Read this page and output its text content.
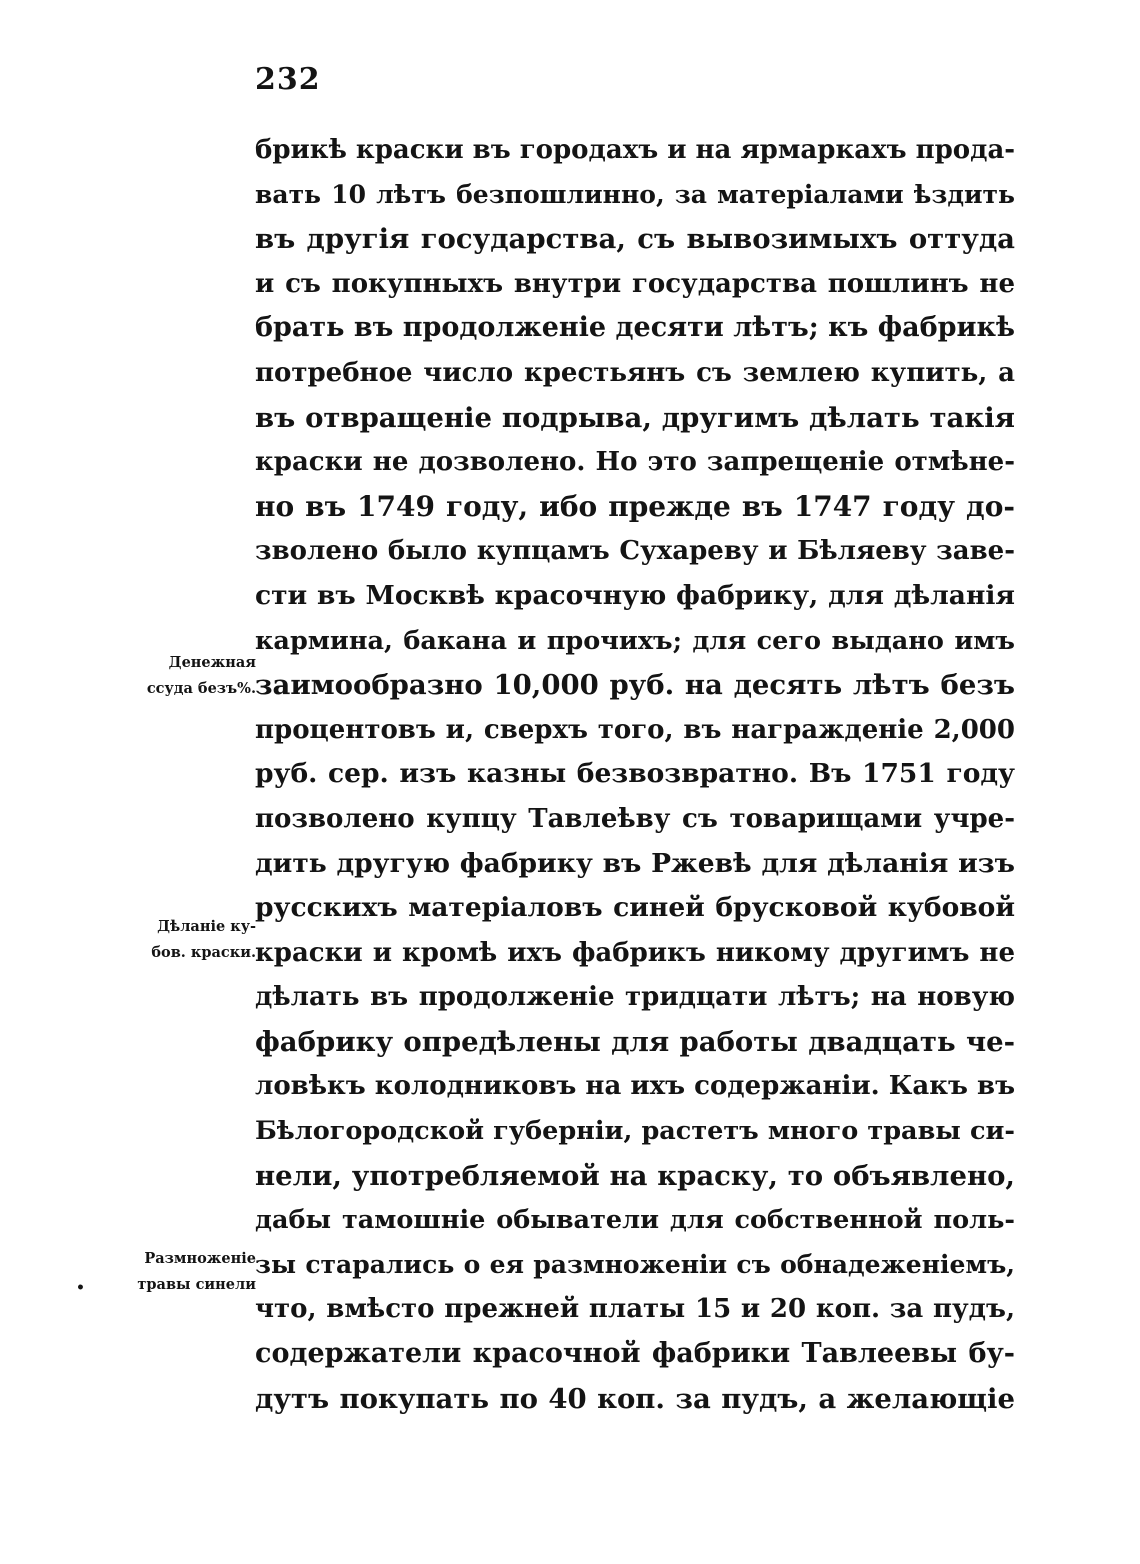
232
брикѣ краски въ городахъ и на ярмаркахъ прода-
вать 10 лѣтъ безпошлинно, за матеріалами ѣздить
въ другія государства, съ вывозимыхъ оттуда
и съ покупныхъ внутри государства пошлинъ не
брать въ продолженіе десяти лѣтъ; къ фабрикѣ
потребное число крестьянъ съ землею купить, а
въ отвращеніе подрыва, другимъ дѣлать такія
краски не дозволено. Но это запрещеніе отмѣне-
но въ 1749 году, ибо прежде въ 1747 году до-
зволено было купцамъ Сухареву и Бѣляеву заве-
сти въ Москвѣ красочную фабрику, для дѣланія
кармина, бакана и прочихъ; для сего выдано имъ
заимообразно 10,000 руб. на десять лѣтъ безъ
процентовъ и, сверхъ того, въ награжденіе 2,000
руб. сер. изъ казны безвозвратно. Въ 1751 году
позволено купцу Тавлеѣву съ товарищами учре-
дить другую фабрику въ Ржевѣ для дѣланія изъ
русскихъ матеріаловъ синей брусковой кубовой
краски и кромѣ ихъ фабрикъ никому другимъ не
дѣлать въ продолженіе тридцати лѣтъ; на новую
фабрику опредѣлены для работы двадцать че-
ловѣкъ колодниковъ на ихъ содержаніи. Какъ въ
Бѣлогородской губерніи, растетъ много травы си-
нели, употребляемой на краску, то объявлено,
дабы тамошніе обыватели для собственной поль-
зы старались о ея размноженіи съ обнадеженіемъ,
что, вмѣсто прежней платы 15 и 20 коп. за пудъ,
содержатели красочной фабрики Тавлеевы бу-
дутъ покупать по 40 коп. за пудъ, а желающіе
Денежная
ссуда безъ%.
Дѣланіе ку-
бов. краски.
Размноженіе
травы синели
•
